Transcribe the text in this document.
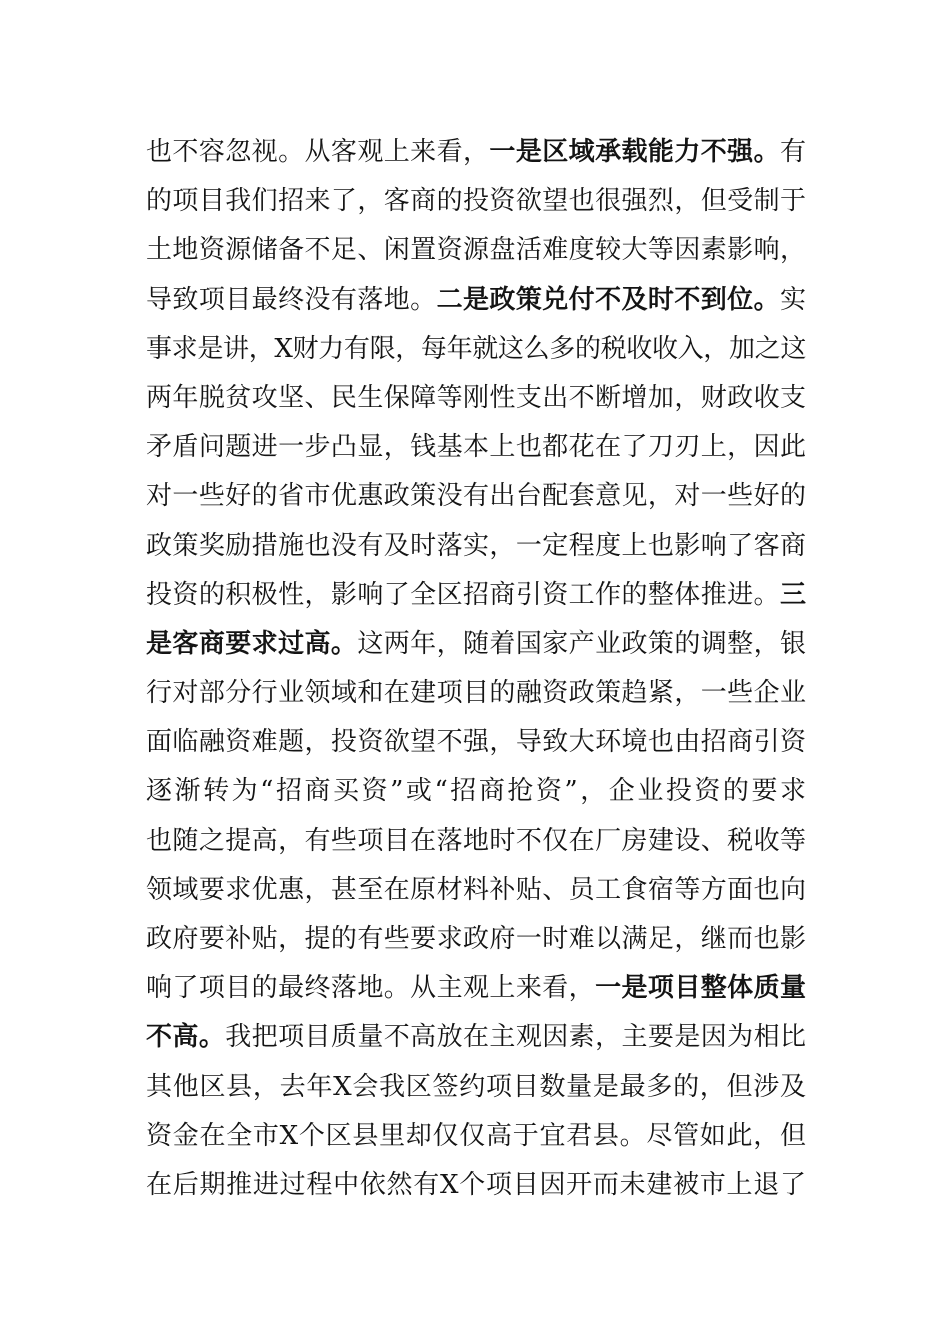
也不容忽视。从客观上来看，一是区域承载能力不强。有
的项目我们招来了，客商的投资欲望也很强烈，但受制于
土地资源储备不足、闲置资源盘活难度较大等因素影响，
导致项目最终没有落地。二是政策兑付不及时不到位。实
事求是讲，X财力有限，每年就这么多的税收收入，加之这
两年脱贫攻坚、民生保障等刚性支出不断增加，财政收支
矛盾问题进一步凸显，钱基本上也都花在了刀刃上，因此
对一些好的省市优惠政策没有出台配套意见，对一些好的
政策奖励措施也没有及时落实，一定程度上也影响了客商
投资的积极性，影响了全区招商引资工作的整体推进。三
是客商要求过高。这两年，随着国家产业政策的调整，银
行对部分行业领域和在建项目的融资政策趋紧，一些企业
面临融资难题，投资欲望不强，导致大环境也由招商引资
逐渐转为“招商买资”或“招商抢资”，企业投资的要求
也随之提高，有些项目在落地时不仅在厂房建设、税收等
领域要求优惠，甚至在原材料补贴、员工食宿等方面也向
政府要补贴，提的有些要求政府一时难以满足，继而也影
响了项目的最终落地。从主观上来看，一是项目整体质量
不高。我把项目质量不高放在主观因素，主要是因为相比
其他区县，去年X会我区签约项目数量是最多的，但涉及
资金在全市X个区县里却仅仅高于宜君县。尽管如此，但
在后期推进过程中依然有X个项目因开而未建被市上退了
